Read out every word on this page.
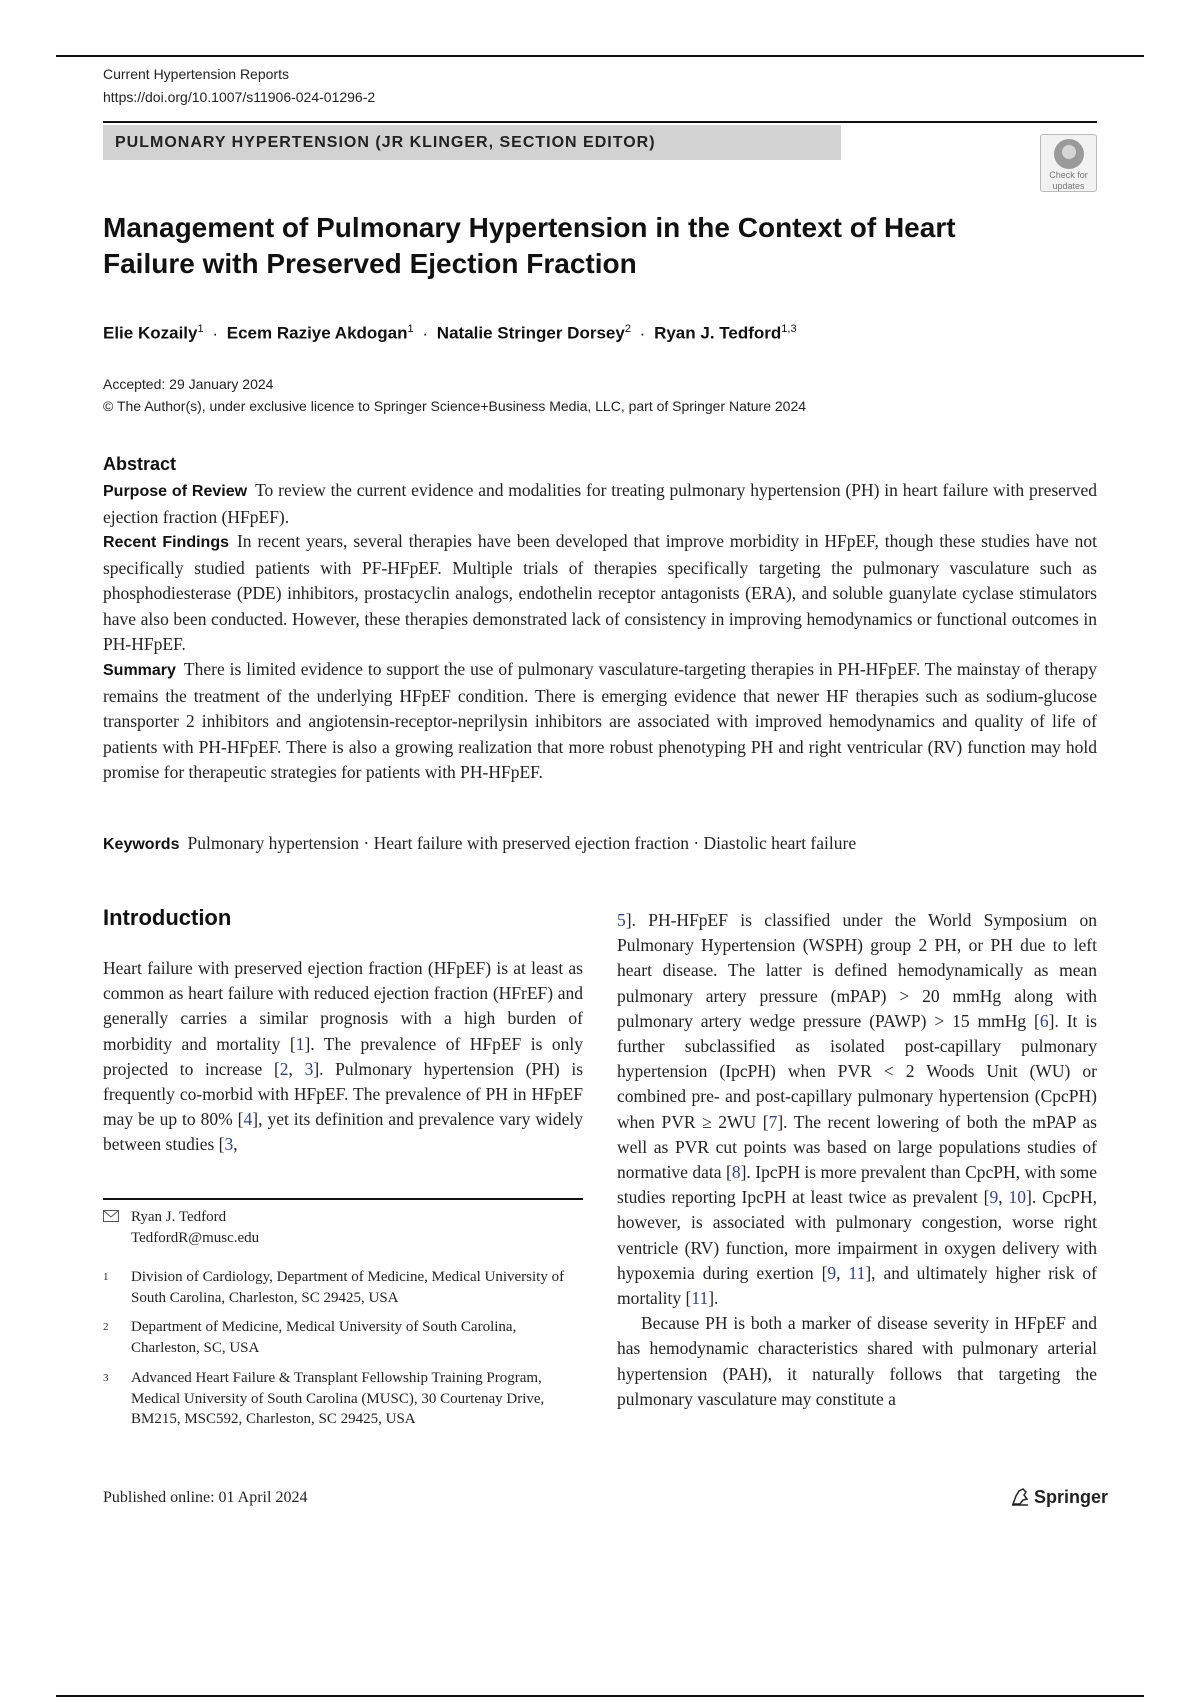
Current Hypertension Reports
https://doi.org/10.1007/s11906-024-01296-2
PULMONARY HYPERTENSION (JR KLINGER, SECTION EDITOR)
Check for
updates
Management of Pulmonary Hypertension in the Context of Heart
Failure with Preserved Ejection Fraction
Elie Kozaily$^1$ · Ecem Raziye Akdogan$^1$ · Natalie Stringer Dorsey$^2$ · Ryan J. Tedford$^{1,3}$
Accepted: 29 January 2024
© The Author(s), under exclusive licence to Springer Science+Business Media, LLC, part of Springer Nature 2024
Abstract
Purpose of Review To review the current evidence and modalities for treating pulmonary hypertension (PH) in heart failure with preserved ejection fraction (HFpEF).
Recent Findings In recent years, several therapies have been developed that improve morbidity in HFpEF, though these studies have not specifically studied patients with PF-HFpEF. Multiple trials of therapies specifically targeting the pulmonary vasculature such as phosphodiesterase (PDE) inhibitors, prostacyclin analogs, endothelin receptor antagonists (ERA), and soluble guanylate cyclase stimulators have also been conducted. However, these therapies demonstrated lack of consistency in improving hemodynamics or functional outcomes in PH-HFpEF.
Summary There is limited evidence to support the use of pulmonary vasculature-targeting therapies in PH-HFpEF. The mainstay of therapy remains the treatment of the underlying HFpEF condition. There is emerging evidence that newer HF therapies such as sodium-glucose transporter 2 inhibitors and angiotensin-receptor-neprilysin inhibitors are associated with improved hemodynamics and quality of life of patients with PH-HFpEF. There is also a growing realization that more robust phenotyping PH and right ventricular (RV) function may hold promise for therapeutic strategies for patients with PH-HFpEF.
Keywords Pulmonary hypertension · Heart failure with preserved ejection fraction · Diastolic heart failure
Introduction

Heart failure with preserved ejection fraction (HFpEF) is at least as common as heart failure with reduced ejection fraction (HFrEF) and generally carries a similar prognosis with a high burden of morbidity and mortality [1]. The prevalence of HFpEF is only projected to increase [2, 3]. Pulmonary hypertension (PH) is frequently co-morbid with HFpEF. The prevalence of PH in HFpEF may be up to 80% [4], yet its definition and prevalence vary widely between studies [3,

Ryan J. Tedford
TedfordR@musc.edu
1 Division of Cardiology, Department of Medicine, Medical University of South Carolina, Charleston, SC 29425, USA
2 Department of Medicine, Medical University of South Carolina, Charleston, SC, USA
3 Advanced Heart Failure & Transplant Fellowship Training Program, Medical University of South Carolina (MUSC), 30 Courtenay Drive, BM215, MSC592, Charleston, SC 29425, USA

5]. PH-HFpEF is classified under the World Symposium on Pulmonary Hypertension (WSPH) group 2 PH, or PH due to left heart disease. The latter is defined hemodynamically as mean pulmonary artery pressure (mPAP) > 20 mmHg along with pulmonary artery wedge pressure (PAWP) > 15 mmHg [6]. It is further subclassified as isolated post-capillary pulmonary hypertension (IpcPH) when PVR < 2 Woods Unit (WU) or combined pre- and post-capillary pulmonary hypertension (CpcPH) when PVR ≥ 2WU [7]. The recent lowering of both the mPAP as well as PVR cut points was based on large populations studies of normative data [8]. IpcPH is more prevalent than CpcPH, with some studies reporting IpcPH at least twice as prevalent [9, 10]. CpcPH, however, is associated with pulmonary congestion, worse right ventricle (RV) function, more impairment in oxygen delivery with hypoxemia during exertion [9, 11], and ultimately higher risk of mortality [11].

Because PH is both a marker of disease severity in HFpEF and has hemodynamic characteristics shared with pulmonary arterial hypertension (PAH), it naturally follows that targeting the pulmonary vasculature may constitute a

Published online: 01 April 2024	Springer
